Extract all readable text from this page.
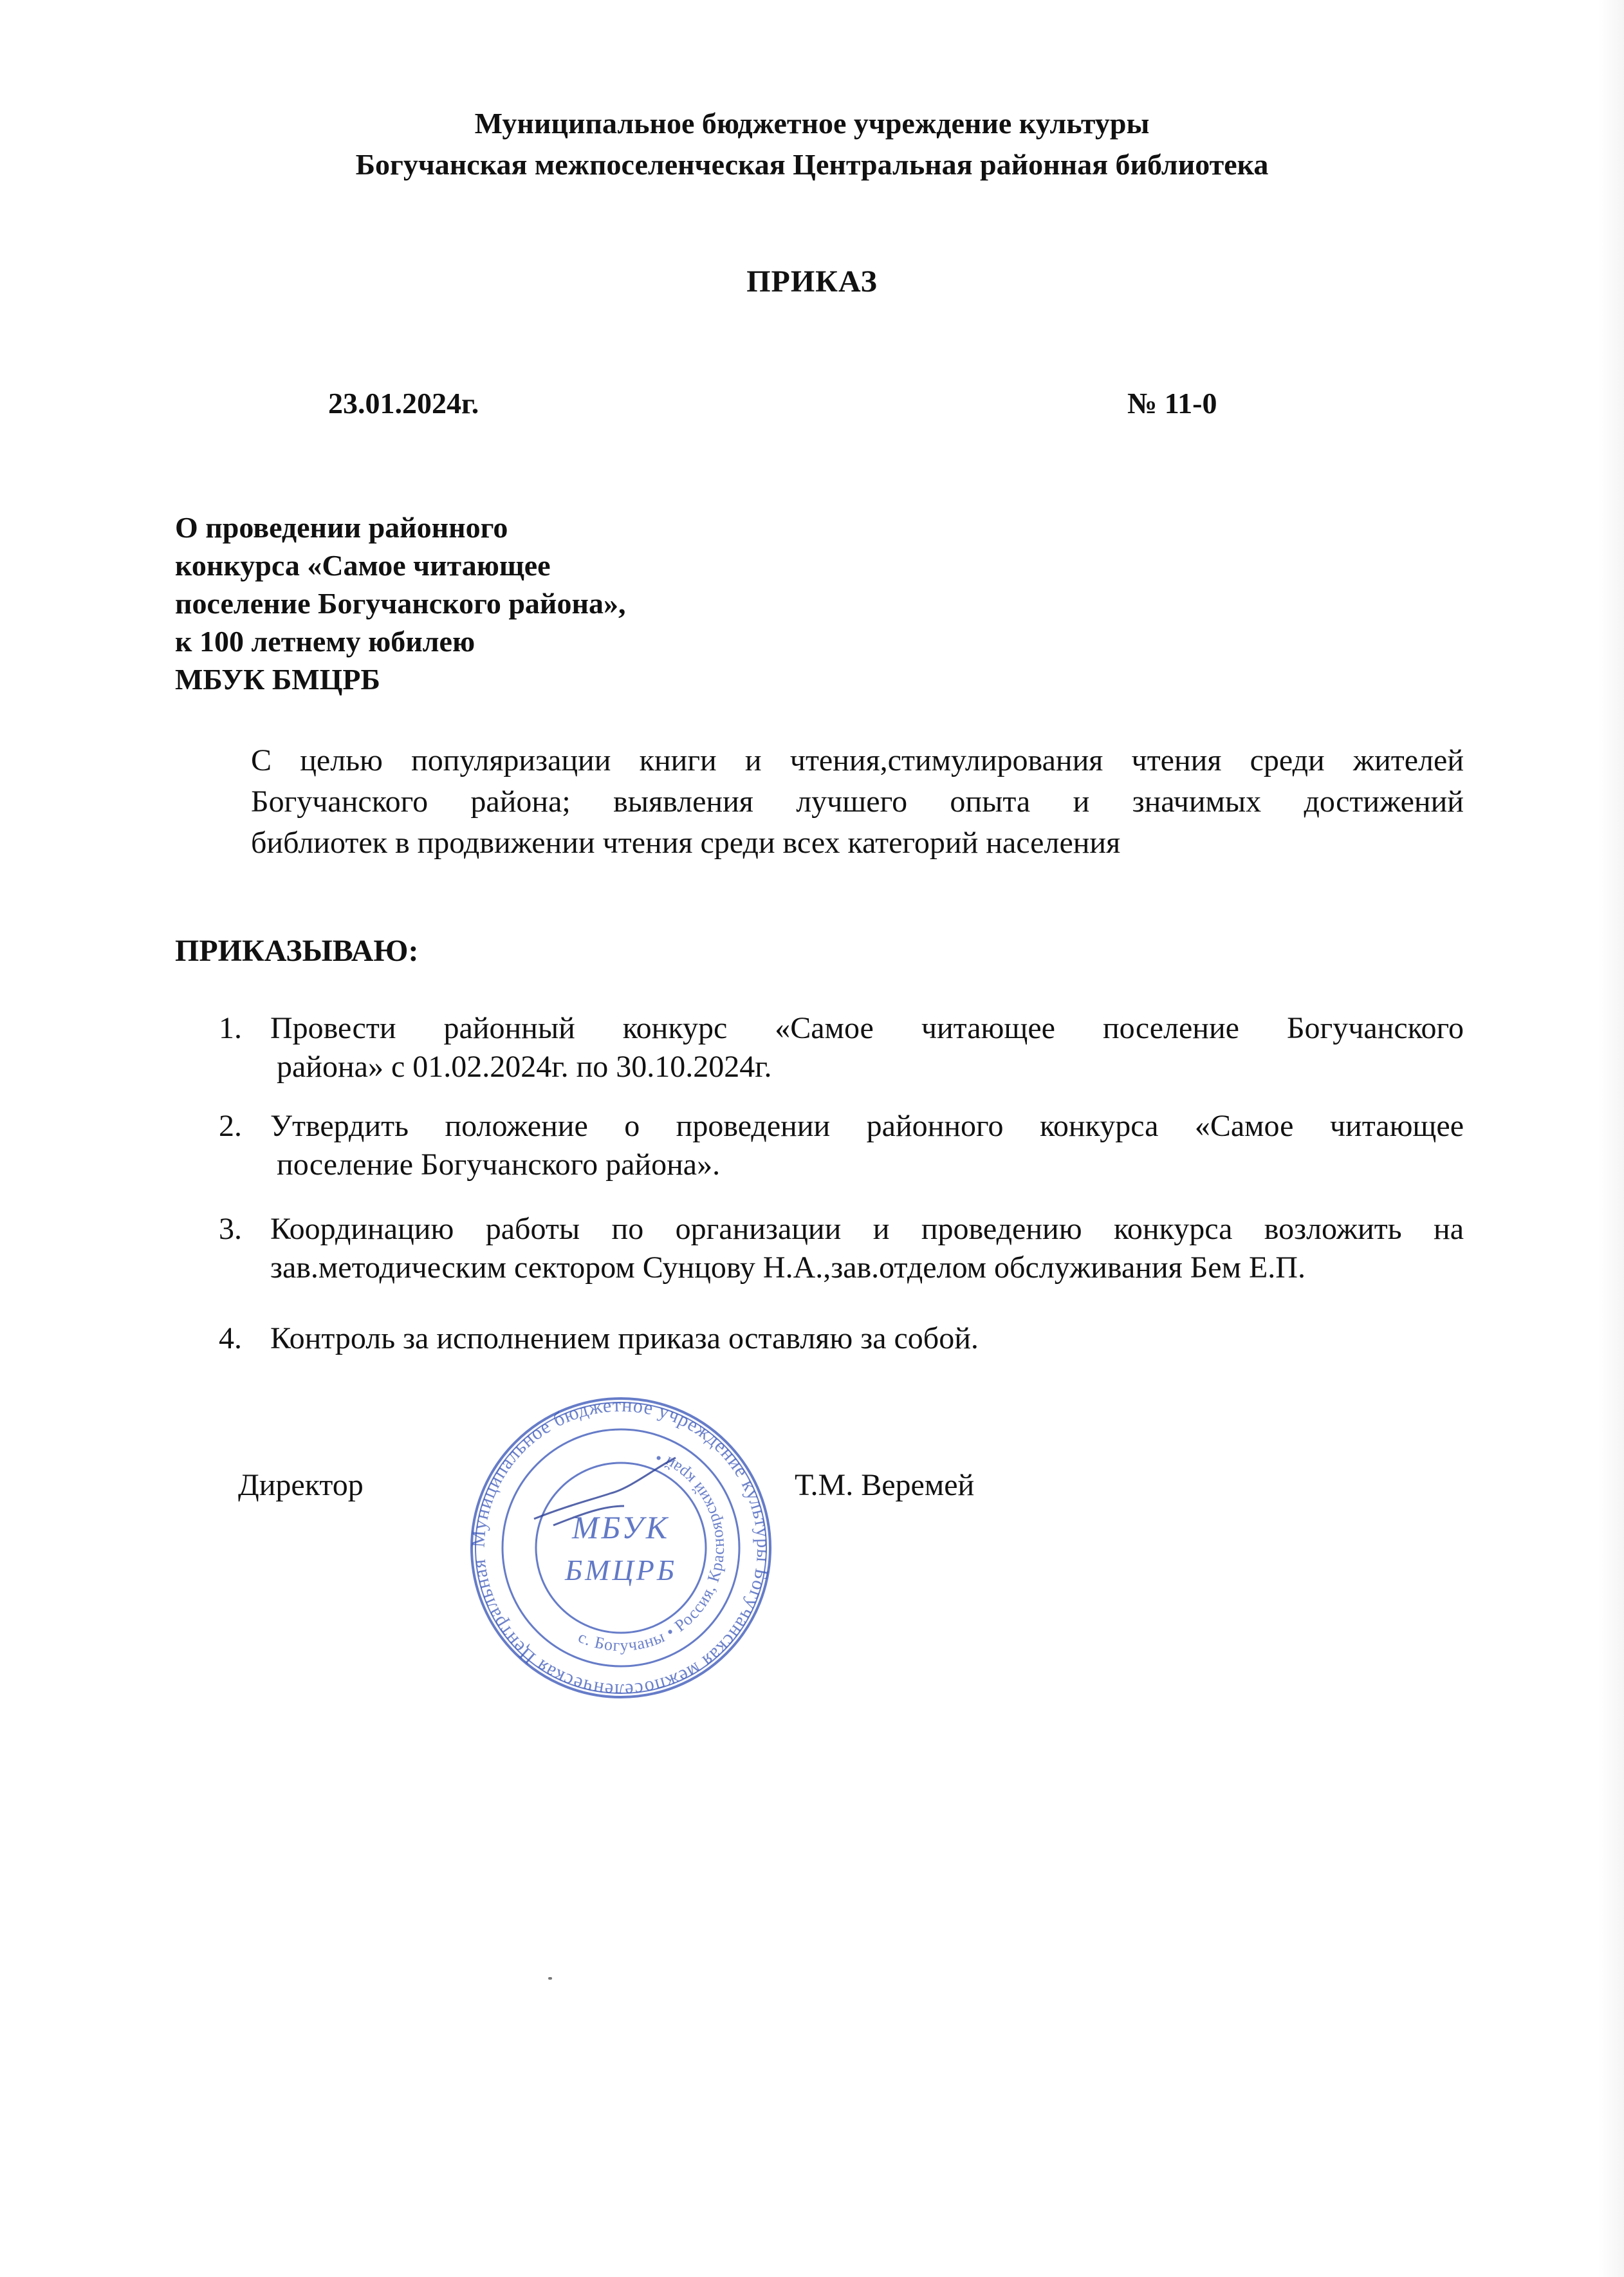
Муниципальное бюджетное учреждение культуры
Богучанская межпоселенческая Центральная районная библиотека
ПРИКАЗ
23.01.2024г.	№ 11-0
О проведении районного
конкурса «Самое читающее
поселение Богучанского района»,
к 100 летнему юбилею
МБУК БМЦРБ
С целью популяризации книги и чтения,стимулирования чтения среди жителей
Богучанского района; выявления лучшего опыта и значимых достижений
библиотек в продвижении чтения среди всех категорий населения
ПРИКАЗЫВАЮ:
1. Провести районный конкурс «Самое читающее поселение Богучанского
района» с 01.02.2024г. по 30.10.2024г.
2. Утвердить положение о проведении районного конкурса «Самое читающее
поселение Богучанского района».
3. Координацию работы по организации и проведению конкурса возложить на
зав.методическим сектором Сунцову Н.А.,зав.отделом обслуживания Бем Е.П.
4. Контроль за исполнением приказа оставляю за собой.
Директор	Т.М. Веремей
Муниципальное бюджетное учреждение культуры Богучанская межпоселенческая Центральная
с. Богучаны • Россия, Красноярский край •
МБУК
БМЦРБ
